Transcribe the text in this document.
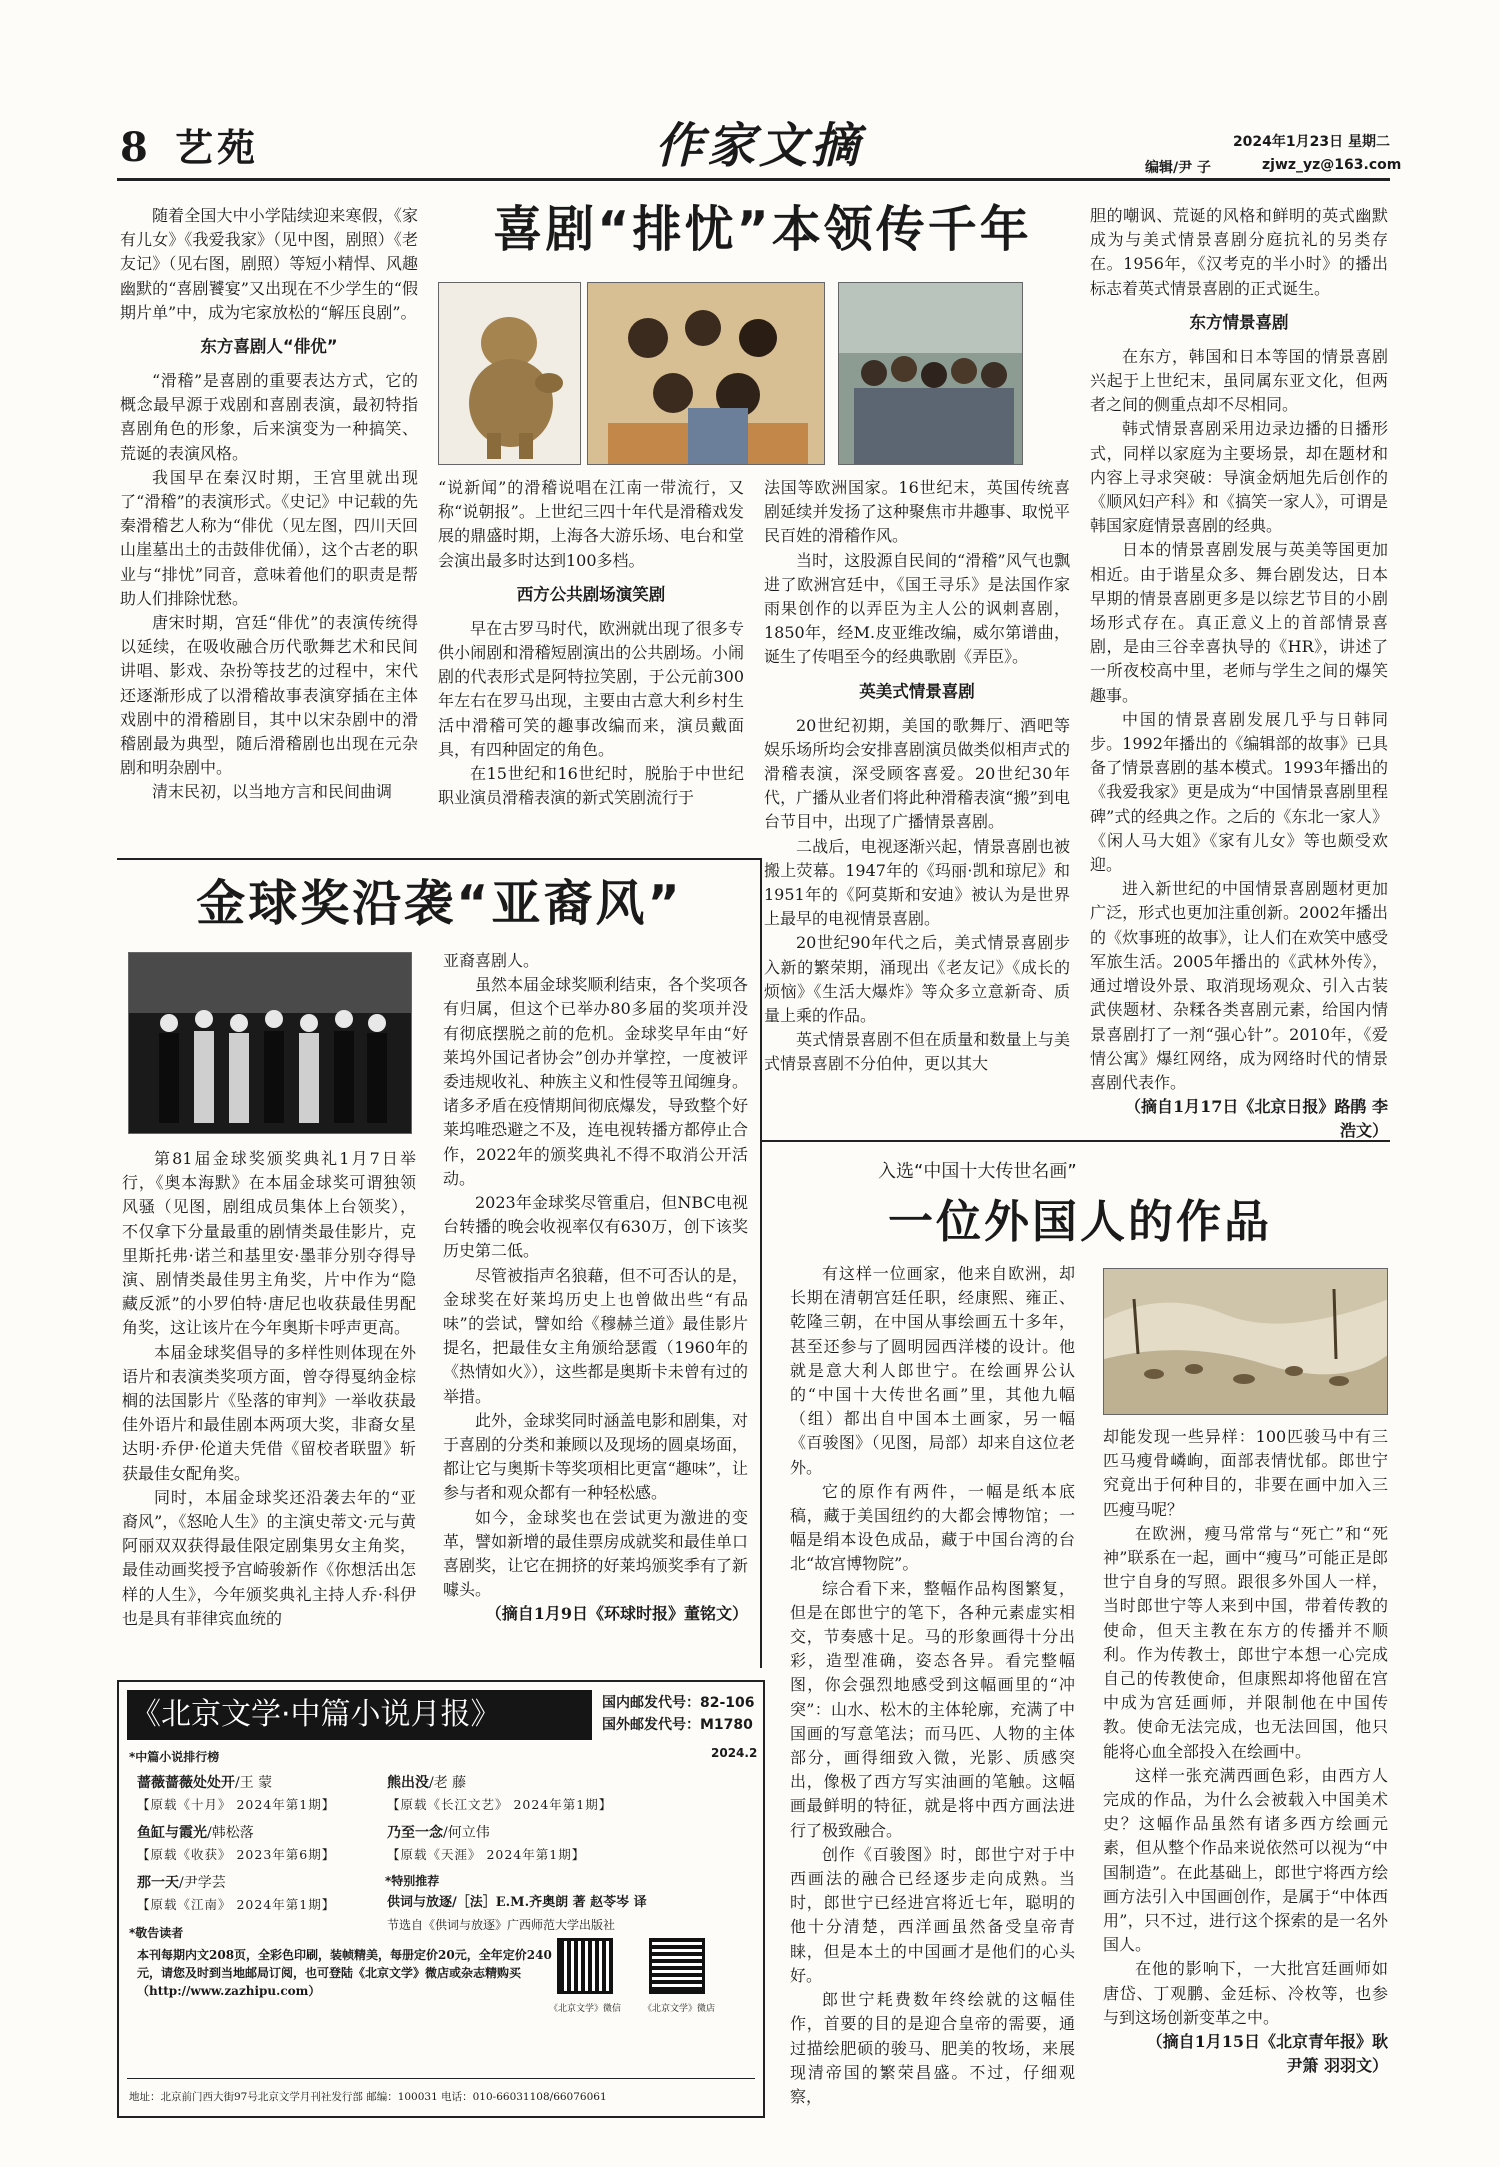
8 艺苑	作家文摘	2024年1月23日 星期二
编辑/尹 子	zjwz_yz@163.com
喜剧“排忧”本领传千年

随着全国大中小学陆续迎来寒假，《家有儿女》《我爱我家》（见中图，剧照）《老友记》（见右图，剧照）等短小精悍、风趣幽默的“喜剧饕宴”又出现在不少学生的“假期片单”中，成为宅家放松的“解压良剧”。

东方喜剧人“俳优”

“滑稽”是喜剧的重要表达方式，它的概念最早源于戏剧和喜剧表演，最初特指喜剧角色的形象，后来演变为一种搞笑、荒诞的表演风格。

我国早在秦汉时期，王宫里就出现了“滑稽”的表演形式。《史记》中记载的先秦滑稽艺人称为“俳优（见左图，四川天回山崖墓出土的击鼓俳优俑），这个古老的职业与“排忧”同音，意味着他们的职责是帮助人们排除忧愁。

唐宋时期，宫廷“俳优”的表演传统得以延续，在吸收融合历代歌舞艺术和民间讲唱、影戏、杂扮等技艺的过程中，宋代还逐渐形成了以滑稽故事表演穿插在主体戏剧中的滑稽剧目，其中以宋杂剧中的滑稽剧最为典型，随后滑稽剧也出现在元杂剧和明杂剧中。

清末民初，以当地方言和民间曲调

“说新闻”的滑稽说唱在江南一带流行，又称“说朝报”。上世纪三四十年代是滑稽戏发展的鼎盛时期，上海各大游乐场、电台和堂会演出最多时达到100多档。

西方公共剧场演笑剧

早在古罗马时代，欧洲就出现了很多专供小闹剧和滑稽短剧演出的公共剧场。小闹剧的代表形式是阿特拉笑剧，于公元前300年左右在罗马出现，主要由古意大利乡村生活中滑稽可笑的趣事改编而来，演员戴面具，有四种固定的角色。

在15世纪和16世纪时，脱胎于中世纪职业演员滑稽表演的新式笑剧流行于

法国等欧洲国家。16世纪末，英国传统喜剧延续并发扬了这种聚焦市井趣事、取悦平民百姓的滑稽作风。

当时，这股源自民间的“滑稽”风气也飘进了欧洲宫廷中，《国王寻乐》是法国作家雨果创作的以弄臣为主人公的讽刺喜剧，1850年，经M.皮亚维改编，威尔第谱曲，诞生了传唱至今的经典歌剧《弄臣》。

英美式情景喜剧

20世纪初期，美国的歌舞厅、酒吧等娱乐场所均会安排喜剧演员做类似相声式的滑稽表演，深受顾客喜爱。20世纪30年代，广播从业者们将此种滑稽表演“搬”到电台节目中，出现了广播情景喜剧。

二战后，电视逐渐兴起，情景喜剧也被搬上荧幕。1947年的《玛丽·凯和琼尼》和1951年的《阿莫斯和安迪》被认为是世界上最早的电视情景喜剧。

20世纪90年代之后，美式情景喜剧步入新的繁荣期，涌现出《老友记》《成长的烦恼》《生活大爆炸》等众多立意新奇、质量上乘的作品。

英式情景喜剧不但在质量和数量上与美式情景喜剧不分伯仲，更以其大

胆的嘲讽、荒诞的风格和鲜明的英式幽默成为与美式情景喜剧分庭抗礼的另类存在。1956年，《汉考克的半小时》的播出标志着英式情景喜剧的正式诞生。

东方情景喜剧

在东方，韩国和日本等国的情景喜剧兴起于上世纪末，虽同属东亚文化，但两者之间的侧重点却不尽相同。

韩式情景喜剧采用边录边播的日播形式，同样以家庭为主要场景，却在题材和内容上寻求突破：导演金炳旭先后创作的《顺风妇产科》和《搞笑一家人》，可谓是韩国家庭情景喜剧的经典。

日本的情景喜剧发展与英美等国更加相近。由于谐星众多、舞台剧发达，日本早期的情景喜剧更多是以综艺节目的小剧场形式存在。真正意义上的首部情景喜剧，是由三谷幸喜执导的《HR》，讲述了一所夜校高中里，老师与学生之间的爆笑趣事。

中国的情景喜剧发展几乎与日韩同步。1992年播出的《编辑部的故事》已具备了情景喜剧的基本模式。1993年播出的《我爱我家》更是成为“中国情景喜剧里程碑”式的经典之作。之后的《东北一家人》《闲人马大姐》《家有儿女》等也颇受欢迎。

进入新世纪的中国情景喜剧题材更加广泛，形式也更加注重创新。2002年播出的《炊事班的故事》，让人们在欢笑中感受军旅生活。2005年播出的《武林外传》，通过增设外景、取消现场观众、引入古装武侠题材、杂糅各类喜剧元素，给国内情景喜剧打了一剂“强心针”。2010年，《爱情公寓》爆红网络，成为网络时代的情景喜剧代表作。

（摘自1月17日《北京日报》路鹃 李浩文）

金球奖沿袭“亚裔风”

第81届金球奖颁奖典礼1月7日举行，《奥本海默》在本届金球奖可谓独领风骚（见图，剧组成员集体上台领奖），不仅拿下分量最重的剧情类最佳影片，克里斯托弗·诺兰和基里安·墨菲分别夺得导演、剧情类最佳男主角奖，片中作为“隐藏反派”的小罗伯特·唐尼也收获最佳男配角奖，这让该片在今年奥斯卡呼声更高。

本届金球奖倡导的多样性则体现在外语片和表演类奖项方面，曾夺得戛纳金棕榈的法国影片《坠落的审判》一举收获最佳外语片和最佳剧本两项大奖，非裔女星达明·乔伊·伦道夫凭借《留校者联盟》斩获最佳女配角奖。

同时，本届金球奖还沿袭去年的“亚裔风”，《怒呛人生》的主演史蒂文·元与黄阿丽双双获得最佳限定剧集男女主角奖，最佳动画奖授予宫崎骏新作《你想活出怎样的人生》，今年颁奖典礼主持人乔·科伊也是具有菲律宾血统的

亚裔喜剧人。

虽然本届金球奖顺利结束，各个奖项各有归属，但这个已举办80多届的奖项并没有彻底摆脱之前的危机。金球奖早年由“好莱坞外国记者协会”创办并掌控，一度被评委违规收礼、种族主义和性侵等丑闻缠身。诸多矛盾在疫情期间彻底爆发，导致整个好莱坞唯恐避之不及，连电视转播方都停止合作，2022年的颁奖典礼不得不取消公开活动。

2023年金球奖尽管重启，但NBC电视台转播的晚会收视率仅有630万，创下该奖历史第二低。

尽管被指声名狼藉，但不可否认的是，金球奖在好莱坞历史上也曾做出些“有品味”的尝试，譬如给《穆赫兰道》最佳影片提名，把最佳女主角颁给瑟霞（1960年的《热情如火》），这些都是奥斯卡未曾有过的举措。

此外，金球奖同时涵盖电影和剧集，对于喜剧的分类和兼顾以及现场的圆桌场面，都让它与奥斯卡等奖项相比更富“趣味”，让参与者和观众都有一种轻松感。

如今，金球奖也在尝试更为激进的变革，譬如新增的最佳票房成就奖和最佳单口喜剧奖，让它在拥挤的好莱坞颁奖季有了新噱头。

（摘自1月9日《环球时报》董铭文）

入选“中国十大传世名画”
一位外国人的作品

有这样一位画家，他来自欧洲，却长期在清朝宫廷任职，经康熙、雍正、乾隆三朝，在中国从事绘画五十多年，甚至还参与了圆明园西洋楼的设计。他就是意大利人郎世宁。在绘画界公认的“中国十大传世名画”里，其他九幅（组）都出自中国本土画家，另一幅《百骏图》（见图，局部）却来自这位老外。

它的原作有两件，一幅是纸本底稿，藏于美国纽约的大都会博物馆；一幅是绢本设色成品，藏于中国台湾的台北“故宫博物院”。

综合看下来，整幅作品构图繁复，但是在郎世宁的笔下，各种元素虚实相交，节奏感十足。马的形象画得十分出彩，造型准确，姿态各异。看完整幅图，你会强烈地感受到这幅画里的“冲突”：山水、松木的主体轮廓，充满了中国画的写意笔法；而马匹、人物的主体部分，画得细致入微，光影、质感突出，像极了西方写实油画的笔触。这幅画最鲜明的特征，就是将中西方画法进行了极致融合。

创作《百骏图》时，郎世宁对于中西画法的融合已经逐步走向成熟。当时，郎世宁已经进宫将近七年，聪明的他十分清楚，西洋画虽然备受皇帝青睐，但是本土的中国画才是他们的心头好。

郎世宁耗费数年终绘就的这幅佳作，首要的目的是迎合皇帝的需要，通过描绘肥硕的骏马、肥美的牧场，来展现清帝国的繁荣昌盛。不过，仔细观察，

却能发现一些异样：100匹骏马中有三匹马瘦骨嶙峋，面部表情忧郁。郎世宁究竟出于何种目的，非要在画中加入三匹瘦马呢？

在欧洲，瘦马常常与“死亡”和“死神”联系在一起，画中“瘦马”可能正是郎世宁自身的写照。跟很多外国人一样，当时郎世宁等人来到中国，带着传教的使命，但天主教在东方的传播并不顺利。作为传教士，郎世宁本想一心完成自己的传教使命，但康熙却将他留在宫中成为宫廷画师，并限制他在中国传教。使命无法完成，也无法回国，他只能将心血全部投入在绘画中。

这样一张充满西画色彩，由西方人完成的作品，为什么会被载入中国美术史？这幅作品虽然有诸多西方绘画元素，但从整个作品来说依然可以视为“中国制造”。在此基础上，郎世宁将西方绘画方法引入中国画创作，是属于“中体西用”，只不过，进行这个探索的是一名外国人。

在他的影响下，一大批宫廷画师如唐岱、丁观鹏、金廷标、冷枚等，也参与到这场创新变革之中。

（摘自1月15日《北京青年报》耿尹箫 羽羽文）

《北京文学·中篇小说月报》	国内邮发代号：82-106
国外邮发代号：M1780
2024.2
*中篇小说排行榜
蔷薇蔷薇处处开/王 蒙
【原载《十月》 2024年第1期】
熊出没/老 藤
【原载《长江文艺》 2024年第1期】
鱼缸与霞光/韩松落
【原载《收获》 2023年第6期】
乃至一念/何立伟
【原载《天涯》 2024年第1期】
那一天/尹学芸
【原载《江南》 2024年第1期】
*特别推荐
供词与放逐/［法］E.M.齐奥朗 著 赵苓岑 译
节选自《供词与放逐》广西师范大学出版社
*敬告读者
本刊每期内文208页，全彩色印刷，装帧精美，每册定价20元，全年定价240元，请您及时到当地邮局订阅，也可登陆《北京文学》微店或杂志精购买（http://www.zazhipu.com）
《北京文学》微信 《北京文学》微店
地址：北京前门西大街97号北京文学月刊社发行部 邮编：100031 电话：010-66031108/66076061
